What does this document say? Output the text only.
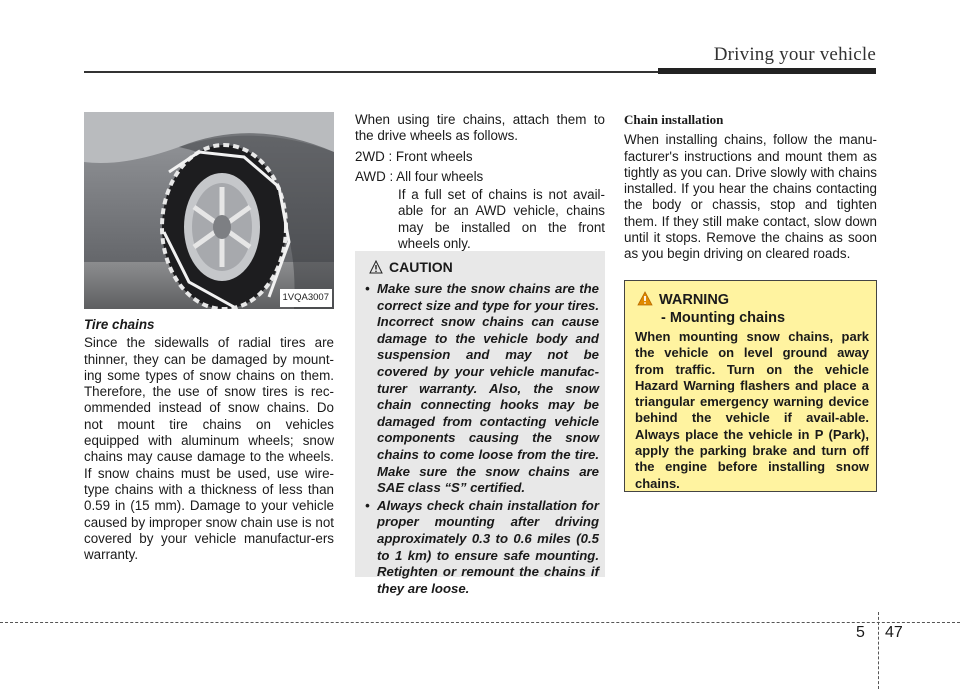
Driving your vehicle
1VQA3007
Tire chains

Since the sidewalls of radial tires are thinner, they can be damaged by mount-ing some types of snow chains on them. Therefore, the use of snow tires is rec-ommended instead of snow chains. Do not mount tire chains on vehicles equipped with aluminum wheels; snow chains may cause damage to the wheels. If snow chains must be used, use wire-type chains with a thickness of less than 0.59 in (15 mm). Damage to your vehicle caused by improper snow chain use is not covered by your vehicle manufactur-ers warranty.

When using tire chains, attach them to the drive wheels as follows.

2WD : Front wheels

AWD : All four wheels

If a full set of chains is not avail-able for an AWD vehicle, chains may be installed on the front wheels only.

CAUTION
• Make sure the snow chains are the correct size and type for your tires. Incorrect snow chains can cause damage to the vehicle body and suspension and may not be covered by your vehicle manufac-turer warranty. Also, the snow chain connecting hooks may be damaged from contacting vehicle components causing the snow chains to come loose from the tire. Make sure the snow chains are SAE class “S” certified.
• Always check chain installation for proper mounting after driving approximately 0.3 to 0.6 miles (0.5 to 1 km) to ensure safe mounting. Retighten or remount the chains if they are loose.

Chain installation

When installing chains, follow the manu-facturer's instructions and mount them as tightly as you can. Drive slowly with chains installed. If you hear the chains contacting the body or chassis, stop and tighten them. If they still make contact, slow down until it stops. Remove the chains as soon as you begin driving on cleared roads.

WARNING
- Mounting chains
When mounting snow chains, park the vehicle on level ground away from traffic. Turn on the vehicle Hazard Warning flashers and place a triangular emergency warning device behind the vehicle if avail-able. Always place the vehicle in P (Park), apply the parking brake and turn off the engine before installing snow chains.
5 47
